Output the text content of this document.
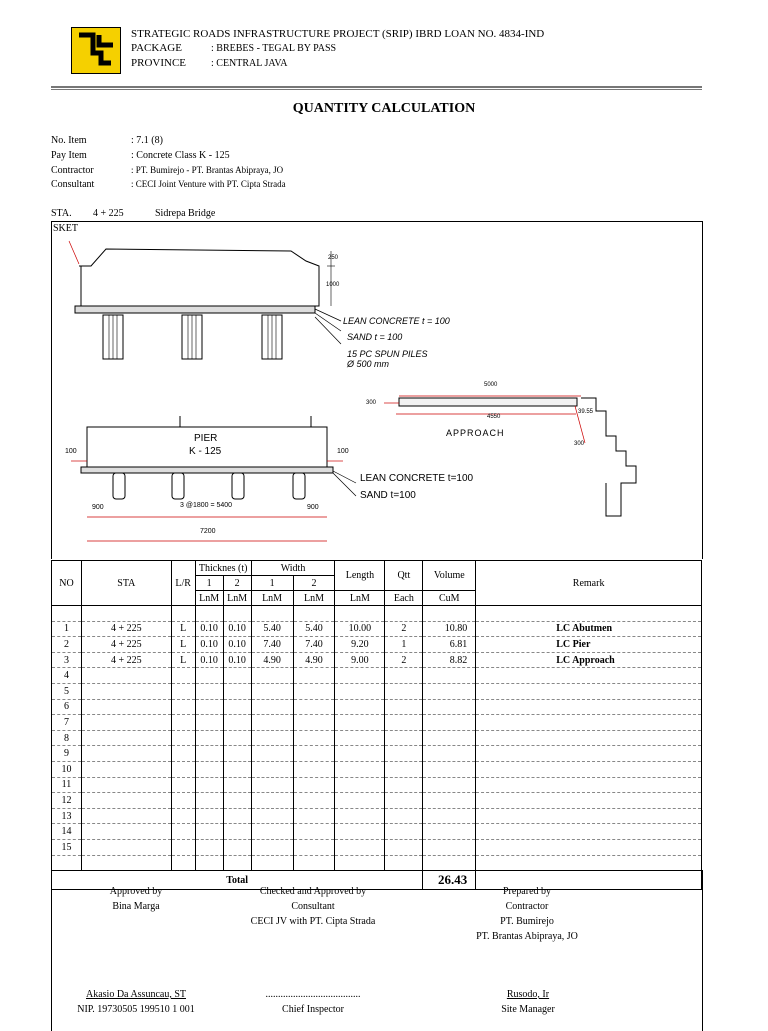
STRATEGIC ROADS INFRASTRUCTURE PROJECT (SRIP) IBRD LOAN NO. 4834-IND
PACKAGE	: BREBES - TEGAL BY PASS
PROVINCE : CENTRAL JAVA
QUANTITY CALCULATION
No. Item	: 7.1 (8)
Pay Item	: Concrete Class K - 125
Contractor	: PT. Bumirejo - PT. Brantas Abipraya, JO
Consultant	: CECI Joint Venture with PT. Cipta Strada
STA. 4 + 225	Sidrepa Bridge
SKET
250
1000
LEAN CONCRETE t = 100
SAND t = 100
15 PC SPUN PILES
Ø 500 mm
5000
300
4550
39.55
APPROACH
300
PIER
K - 125
100	100
LEAN CONCRETE t=100
SAND t=100
900	3 @1800 = 5400	900
7200
NO	STA	L/R	Thicknes (t)		Width		Length	Qtt	Volume	Remark
			1	2	1	2				
			LnM	LnM	LnM	LnM	LnM	Each	CuM	

1	4 + 225	L	0.10	0.10	5.40	5.40	10.00	2	10.80	LC Abutmen
2	4 + 225	L	0.10	0.10	7.40	7.40	9.20	1	6.81	LC Pier
3	4 + 225	L	0.10	0.10	4.90	4.90	9.00	2	8.82	LC Approach
4										
5										
6										
7										
8										
9										
10										
11										
12										
13										
14										
15										

Total									26.43	
Approved by
Bina Marga
Checked and Approved by
Consultant
CECI JV with PT. Cipta Strada
Prepared by
Contractor
PT. Bumirejo
PT. Brantas Abipraya, JO
Akasio Da Assuncau, ST
NIP. 19730505 199510 1 001
......................................
Chief Inspector
Rusodo, Ir
Site Manager
